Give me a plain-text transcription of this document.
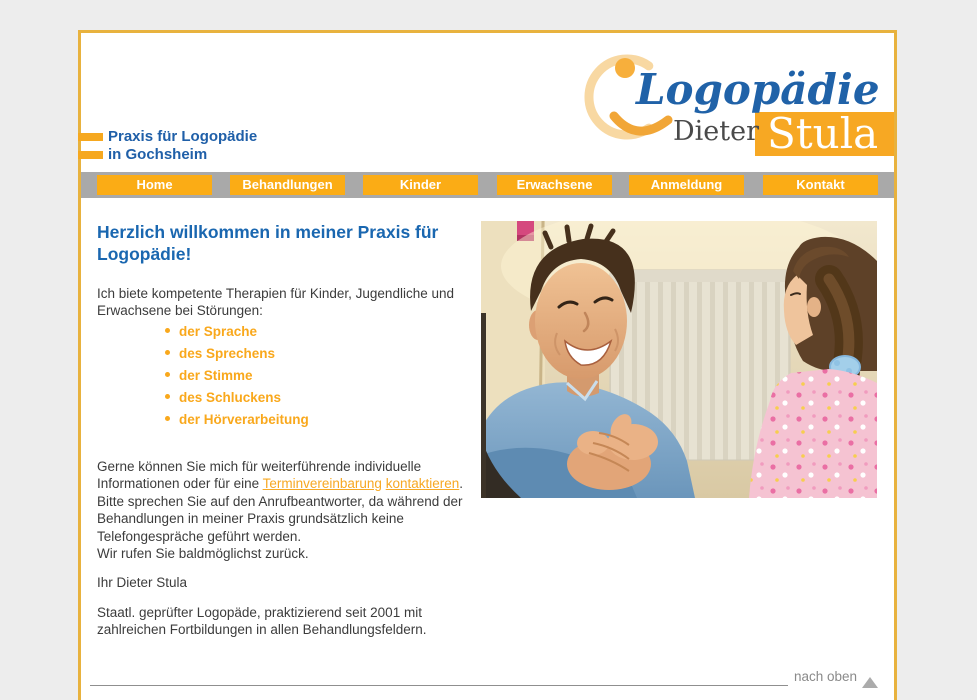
Praxis für Logopädie
in Gochsheim
Logopädie
Dieter Stula
Home	Behandlungen	Kinder	Erwachsene	Anmeldung	Kontakt
Herzlich willkommen in meiner Praxis für
Logopädie!

Ich biete kompetente Therapien für Kinder, Jugendliche und Erwachsene bei Störungen:

der Sprache
des Sprechens
der Stimme
des Schluckens
der Hörverarbeitung

Gerne können Sie mich für weiterführende individuelle Informationen oder für eine Terminvereinbarung kontaktieren. Bitte sprechen Sie auf den Anrufbeantworter, da während der Behandlungen in meiner Praxis grundsätzlich keine Telefongespräche geführt werden.
Wir rufen Sie baldmöglichst zurück.

Ihr Dieter Stula

Staatl. geprüfter Logopäde, praktizierend seit 2001 mit zahlreichen Fortbildungen in allen Behandlungsfeldern.

nach oben
